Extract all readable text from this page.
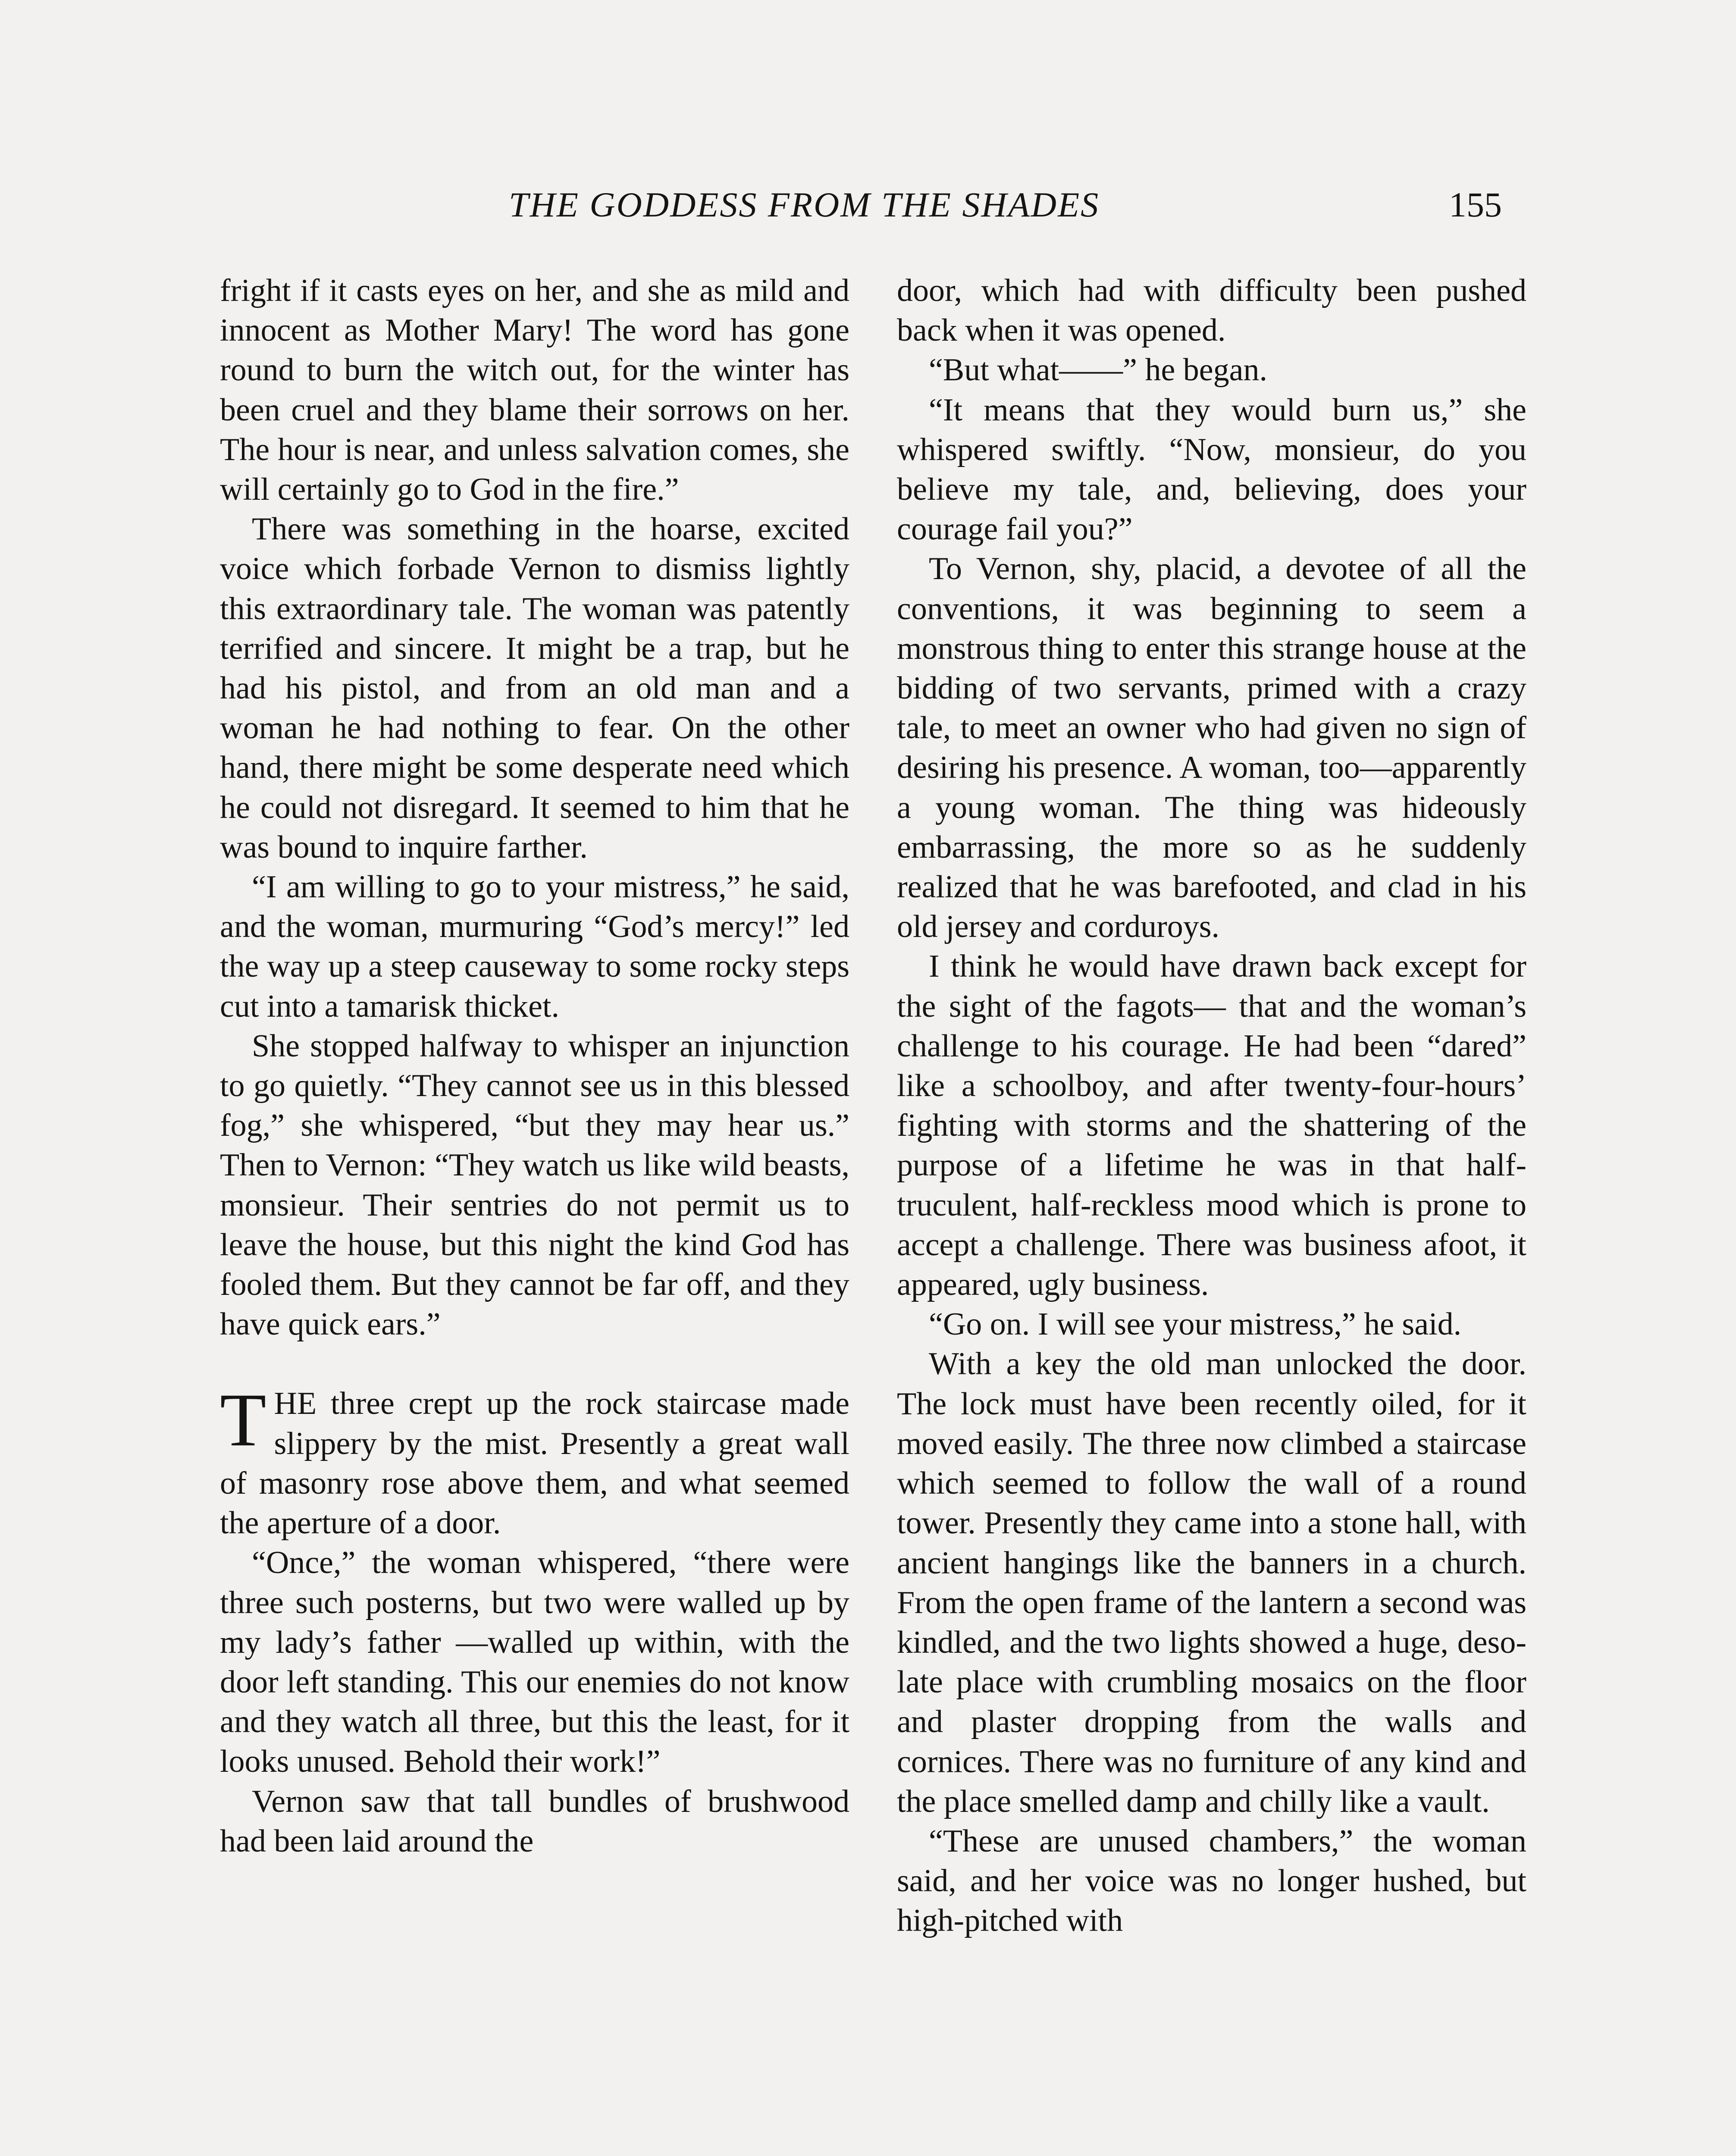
THE GODDESS FROM THE SHADES	155

fright if it casts eyes on her, and she as mild and innocent as Mother Mary! The word has gone round to burn the witch out, for the winter has been cruel and they blame their sorrows on her. The hour is near, and unless salvation comes, she will certainly go to God in the fire.”

There was something in the hoarse, excited voice which forbade Vernon to dismiss lightly this extraordinary tale. The woman was patently terrified and sincere. It might be a trap, but he had his pistol, and from an old man and a woman he had nothing to fear. On the other hand, there might be some desperate need which he could not disregard. It seemed to him that he was bound to inquire farther.

“I am willing to go to your mistress,” he said, and the woman, murmuring “God’s mercy!” led the way up a steep causeway to some rocky steps cut into a tamarisk thicket.

She stopped halfway to whisper an injunction to go quietly. “They cannot see us in this blessed fog,” she whispered, “but they may hear us.” Then to Vernon: “They watch us like wild beasts, monsieur. Their sentries do not permit us to leave the house, but this night the kind God has fooled them. But they cannot be far off, and they have quick ears.”

THE three crept up the rock staircase made slippery by the mist. Presently a great wall of masonry rose above them, and what seemed the aperture of a door.

“Once,” the woman whispered, “there were three such posterns, but two were walled up by my lady’s father —walled up within, with the door left standing. This our enemies do not know and they watch all three, but this the least, for it looks unused. Behold their work!”

Vernon saw that tall bundles of brushwood had been laid around the

door, which had with difficulty been pushed back when it was opened.

“But what——” he began.

“It means that they would burn us,” she whispered swiftly. “Now, monsieur, do you believe my tale, and, believing, does your courage fail you?”

To Vernon, shy, placid, a devotee of all the conventions, it was beginning to seem a monstrous thing to enter this strange house at the bidding of two servants, primed with a crazy tale, to meet an owner who had given no sign of desiring his presence. A woman, too—apparently a young woman. The thing was hideously embarrassing, the more so as he suddenly realized that he was barefooted, and clad in his old jersey and corduroys.

I think he would have drawn back except for the sight of the fagots— that and the woman’s challenge to his courage. He had been “dared” like a schoolboy, and after twenty-four-hours’ fighting with storms and the shattering of the purpose of a lifetime he was in that half-truculent, half-reckless mood which is prone to accept a challenge. There was business afoot, it appeared, ugly business.

“Go on. I will see your mistress,” he said.

With a key the old man unlocked the door. The lock must have been recently oiled, for it moved easily. The three now climbed a staircase which seemed to follow the wall of a round tower. Presently they came into a stone hall, with ancient hangings like the banners in a church. From the open frame of the lantern a second was kindled, and the two lights showed a huge, desolate place with crumbling mosaics on the floor and plaster dropping from the walls and cornices. There was no furniture of any kind and the place smelled damp and chilly like a vault.

“These are unused chambers,” the woman said, and her voice was no longer hushed, but high-pitched with
